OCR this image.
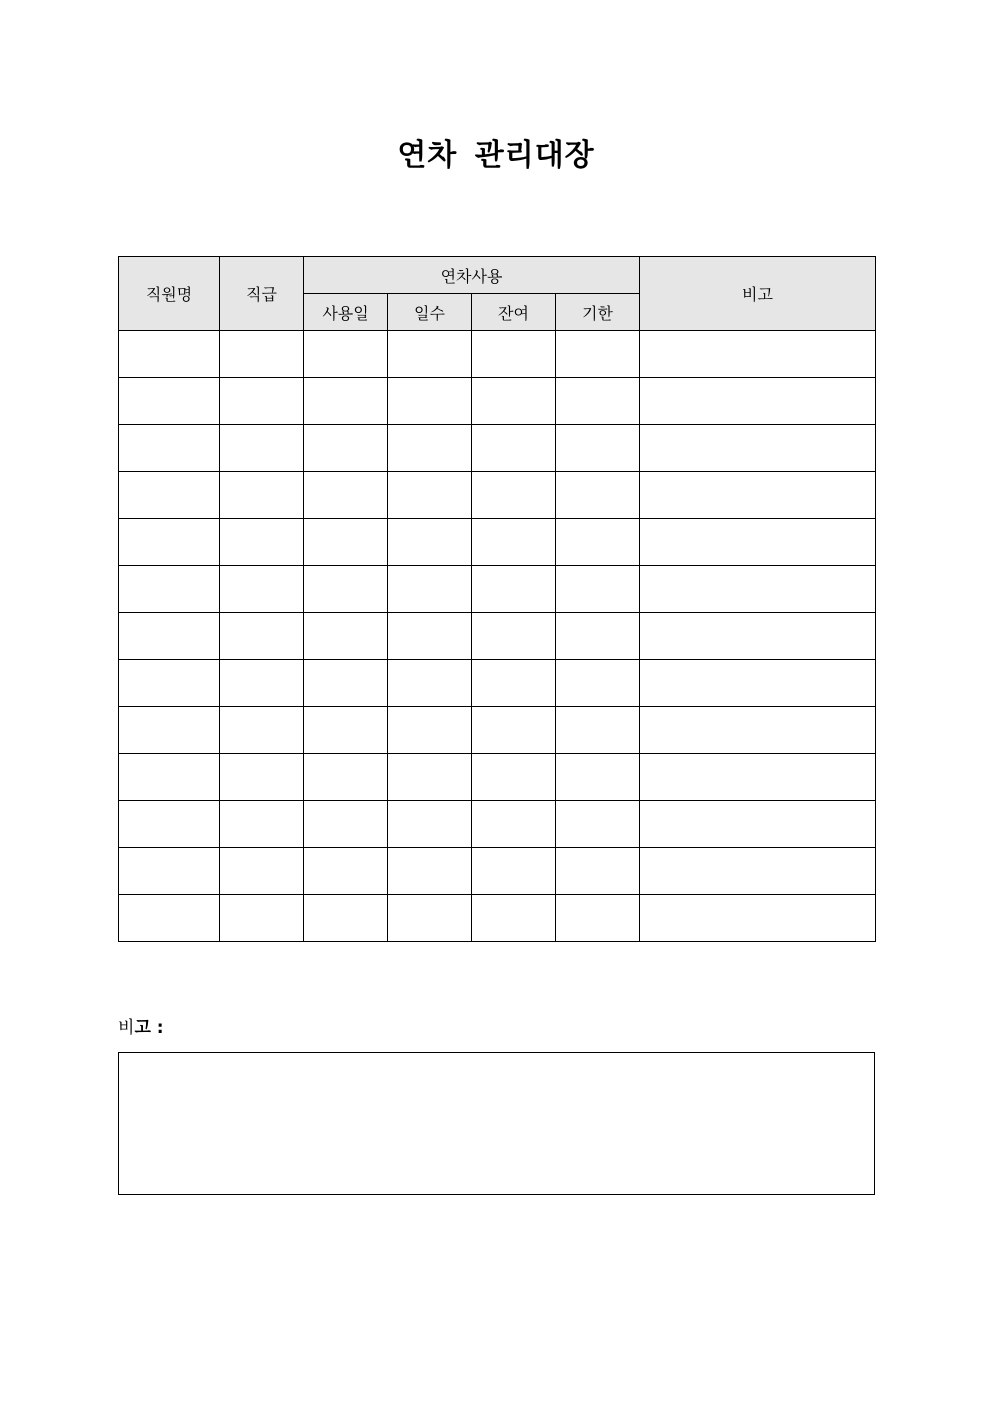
연차 관리대장
직원명	직급	연차사용				비고
		사용일	일수	잔여	기한	

비고 :
